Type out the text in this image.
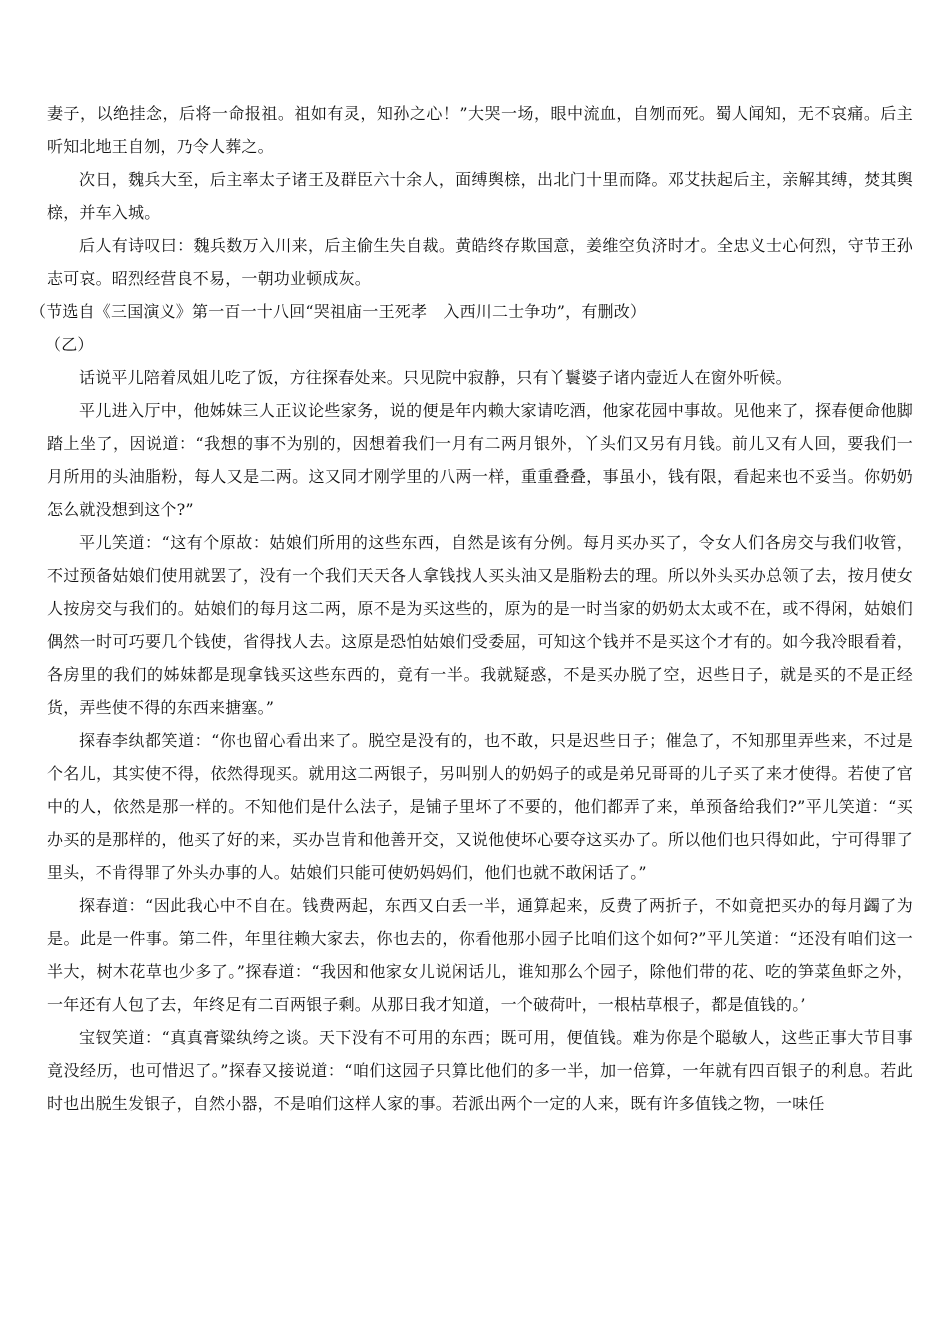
妻子，以绝挂念，后将一命报祖。祖如有灵，知孙之心！”大哭一场，眼中流血，自刎而死。蜀人闻知，无不哀痛。后主听知北地王自刎，乃令人葬之。

次日，魏兵大至，后主率太子诸王及群臣六十余人，面缚舆榇，出北门十里而降。邓艾扶起后主，亲解其缚，焚其舆榇，并车入城。

后人有诗叹曰：魏兵数万入川来，后主偷生失自裁。黄皓终存欺国意，姜维空负济时才。全忠义士心何烈，守节王孙志可哀。昭烈经营良不易，一朝功业顿成灰。

（节选自《三国演义》第一百一十八回“哭祖庙一王死孝　入西川二士争功”，有删改）

（乙）

话说平儿陪着凤姐儿吃了饭，方往探春处来。只见院中寂静，只有丫鬟婆子诸内壸近人在窗外听候。

平儿进入厅中，他姊妹三人正议论些家务，说的便是年内赖大家请吃酒，他家花园中事故。见他来了，探春便命他脚踏上坐了，因说道：“我想的事不为别的，因想着我们一月有二两月银外，丫头们又另有月钱。前儿又有人回，要我们一月所用的头油脂粉，每人又是二两。这又同才刚学里的八两一样，重重叠叠，事虽小，钱有限，看起来也不妥当。你奶奶怎么就没想到这个?”

平儿笑道：“这有个原故：姑娘们所用的这些东西，自然是该有分例。每月买办买了，令女人们各房交与我们收管，不过预备姑娘们使用就罢了，没有一个我们天天各人拿钱找人买头油又是脂粉去的理。所以外头买办总领了去，按月使女人按房交与我们的。姑娘们的每月这二两，原不是为买这些的，原为的是一时当家的奶奶太太或不在，或不得闲，姑娘们偶然一时可巧要几个钱使，省得找人去。这原是恐怕姑娘们受委屈，可知这个钱并不是买这个才有的。如今我冷眼看着，各房里的我们的姊妹都是现拿钱买这些东西的，竟有一半。我就疑惑，不是买办脱了空，迟些日子，就是买的不是正经货，弄些使不得的东西来搪塞。”

探春李纨都笑道：“你也留心看出来了。脱空是没有的，也不敢，只是迟些日子；催急了，不知那里弄些来，不过是个名儿，其实使不得，依然得现买。就用这二两银子，另叫别人的奶妈子的或是弟兄哥哥的儿子买了来才使得。若使了官中的人，依然是那一样的。不知他们是什么法子，是铺子里坏了不要的，他们都弄了来，单预备给我们?”平儿笑道：“买办买的是那样的，他买了好的来，买办岂肯和他善开交，又说他使坏心要夺这买办了。所以他们也只得如此，宁可得罪了里头，不肯得罪了外头办事的人。姑娘们只能可使奶妈妈们，他们也就不敢闲话了。”

探春道：“因此我心中不自在。钱费两起，东西又白丢一半，通算起来，反费了两折子，不如竟把买办的每月蠲了为是。此是一件事。第二件，年里往赖大家去，你也去的，你看他那小园子比咱们这个如何?”平儿笑道：“还没有咱们这一半大，树木花草也少多了。”探春道：“我因和他家女儿说闲话儿，谁知那么个园子，除他们带的花、吃的笋菜鱼虾之外，一年还有人包了去，年终足有二百两银子剩。从那日我才知道，一个破荷叶，一根枯草根子，都是值钱的。’

宝钗笑道：“真真膏粱纨绔之谈。天下没有不可用的东西；既可用，便值钱。难为你是个聪敏人，这些正事大节目事竟没经历，也可惜迟了。”探春又接说道：“咱们这园子只算比他们的多一半，加一倍算，一年就有四百银子的利息。若此时也出脱生发银子，自然小器，不是咱们这样人家的事。若派出两个一定的人来，既有许多值钱之物，一味任
